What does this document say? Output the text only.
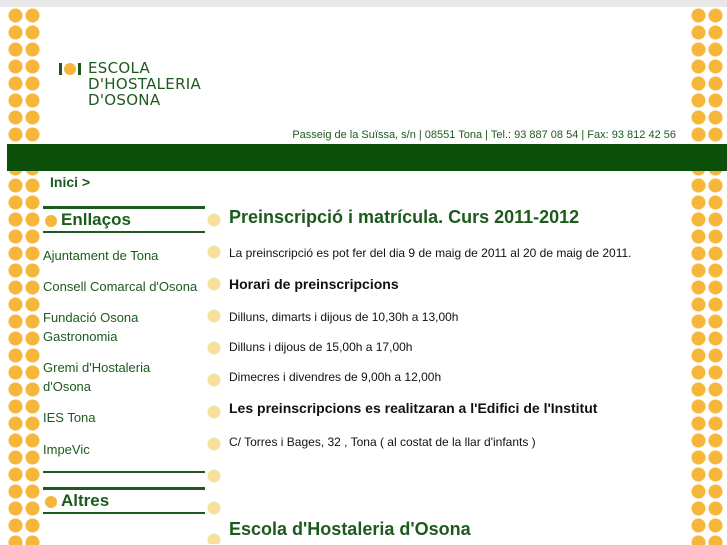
ESCOLA
D'HOSTALERIA
D'OSONA
Passeig de la Suïssa, s/n | 08551 Tona | Tel.: 93 887 08 54 | Fax: 93 812 42 56
Inici >
Enllaços
Ajuntament de Tona
Consell Comarcal d'Osona
Fundació Osona Gastronomia
Gremi d'Hostaleria d'Osona
IES Tona
ImpeVic
Altres
Preinscripció i matrícula. Curs 2011-2012
La preinscripció es pot fer del dia 9 de maig de 2011 al 20 de maig de 2011.
Horari de preinscripcions
Dilluns, dimarts i dijous de 10,30h a 13,00h
Dilluns i dijous de 15,00h a 17,00h
Dimecres i divendres de 9,00h a 12,00h
Les preinscripcions es realitzaran a l'Edifici de l'Institut
C/ Torres i Bages, 32 , Tona ( al costat de la llar d'infants )
Escola d'Hostaleria d'Osona
